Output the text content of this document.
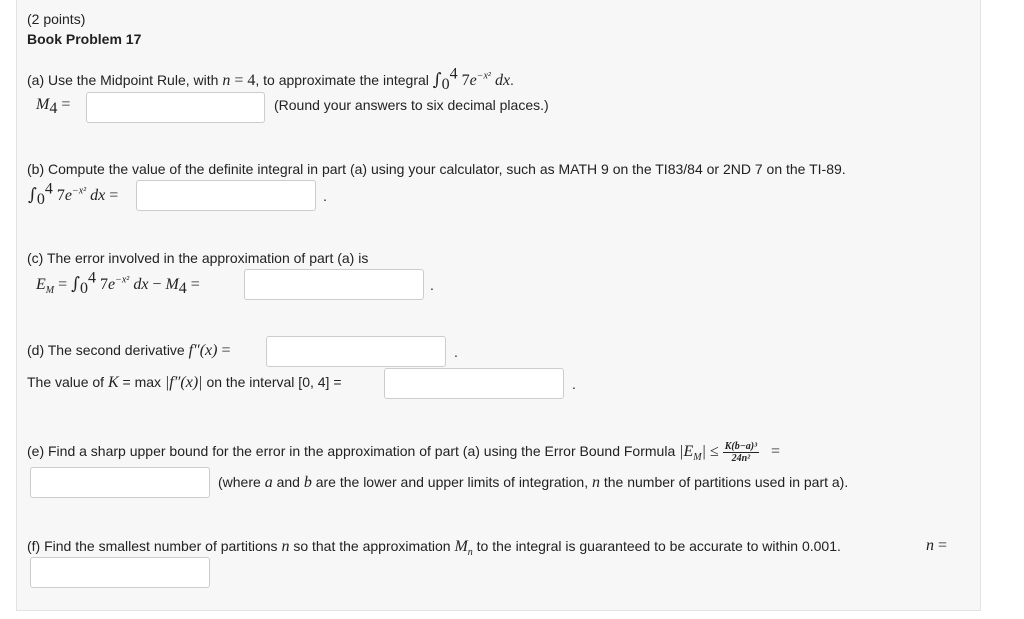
(2 points)
Book Problem 17
(a) Use the Midpoint Rule, with n = 4, to approximate the integral $\int_0^4$ $7e^{-x^2}$ dx.
$M_4$ =	(Round your answers to six decimal places.)
(b) Compute the value of the definite integral in part (a) using your calculator, such as MATH 9 on the TI83/84 or 2ND 7 on the TI-89.
$\int_0^4$ $7e^{-x^2}$ dx =	.
(c) The error involved in the approximation of part (a) is
$E_M = \int_0^4$ $7e^{-x^2}$ dx − $M_4$ =	.
(d) The second derivative f″(x) =	.
The value of K = max |f″(x)| on the interval [0, 4] =	.
(e) Find a sharp upper bound for the error in the approximation of part (a) using the Error Bound Formula $|E_M| \le \frac{\text{K(b−a)³}}{\text{24n²}}$ =
(where a and b are the lower and upper limits of integration, n the number of partitions used in part a).
(f) Find the smallest number of partitions n so that the approximation $M_n$ to the integral is guaranteed to be accurate to within 0.001.	n =
